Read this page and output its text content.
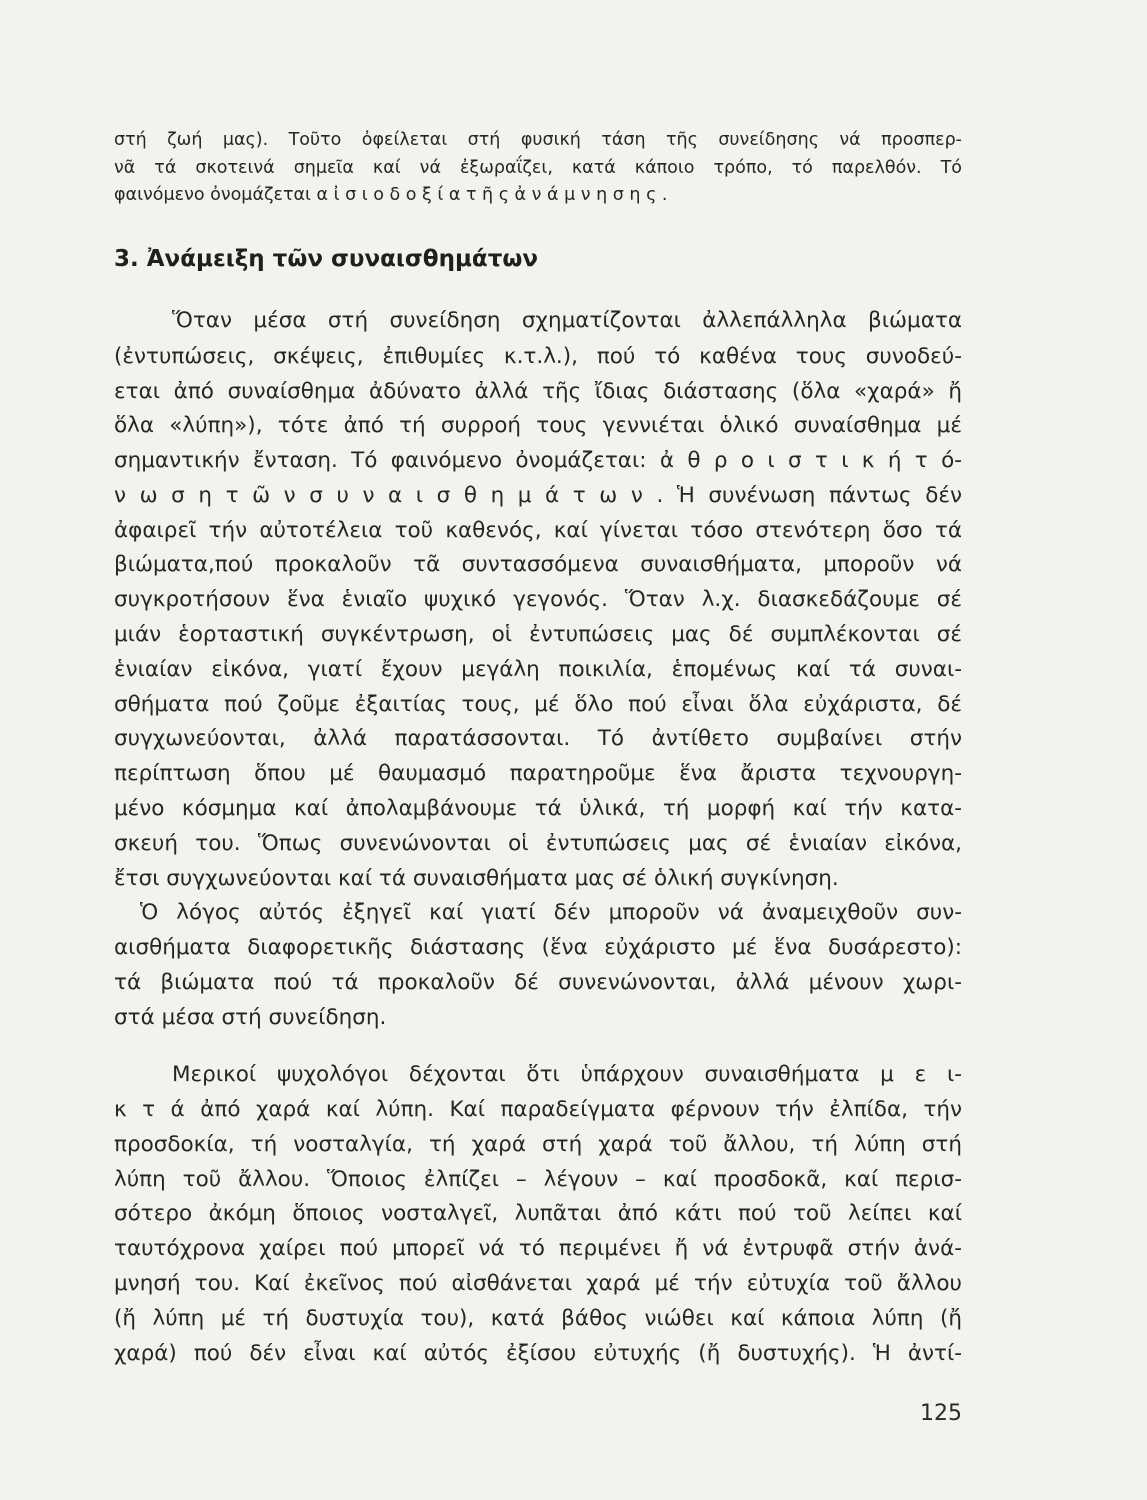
στή ζωή μας). Τοῦτο ὀφείλεται στή φυσική τάση τῆς συνείδησης νά προσπερ-
νᾶ τά σκοτεινά σημεῖα καί νά ἐξωραΐζει, κατά κάποιο τρόπο, τό παρελθόν. Τό
φαινόμενο ὀνομάζεται α ἰ σ ι ο δ ο ξ ί α τ ῆ ς ἀ ν ά μ ν η σ η ς .
3. Ἀνάμειξη τῶν συναισθημάτων
Ὅταν μέσα στή συνείδηση σχηματίζονται ἀλλεπάλληλα βιώματα
(ἐντυπώσεις, σκέψεις, ἐπιθυμίες κ.τ.λ.), πού τό καθένα τους συνοδεύ-
εται ἀπό συναίσθημα ἀδύνατο ἀλλά τῆς ἴδιας διάστασης (ὅλα «χαρά» ἤ
ὅλα «λύπη»), τότε ἀπό τή συρροή τους γεννιέται ὁλικό συναίσθημα μέ
σημαντικήν ἔνταση. Τό φαινόμενο ὀνομάζεται: ἀ θ ρ ο ι σ τ ι κ ή τ ό-
ν ω σ η τ ῶ ν σ υ ν α ι σ θ η μ ά τ ω ν . Ἡ συνένωση πάντως δέν
ἀφαιρεῖ τήν αὐτοτέλεια τοῦ καθενός, καί γίνεται τόσο στενότερη ὅσο τά
βιώματα,πού προκαλοῦν τᾶ συντασσόμενα συναισθήματα, μποροῦν νά
συγκροτήσουν ἕνα ἑνιαῖο ψυχικό γεγονός. Ὅταν λ.χ. διασκεδάζουμε σέ
μιάν ἑορταστική συγκέντρωση, οἱ ἐντυπώσεις μας δέ συμπλέκονται σέ
ἑνιαίαν εἰκόνα, γιατί ἔχουν μεγάλη ποικιλία, ἑπομένως καί τά συναι-
σθήματα πού ζοῦμε ἐξαιτίας τους, μέ ὅλο πού εἶναι ὅλα εὐχάριστα, δέ
συγχωνεύονται, ἀλλά παρατάσσονται. Τό ἀντίθετο συμβαίνει στήν
περίπτωση ὅπου μέ θαυμασμό παρατηροῦμε ἕνα ἄριστα τεχνουργη-
μένο κόσμημα καί ἀπολαμβάνουμε τά ὑλικά, τή μορφή καί τήν κατα-
σκευή του. Ὅπως συνενώνονται οἱ ἐντυπώσεις μας σέ ἑνιαίαν εἰκόνα,
ἔτσι συγχωνεύονται καί τά συναισθήματα μας σέ ὁλική συγκίνηση.
Ὁ λόγος αὐτός ἐξηγεῖ καί γιατί δέν μποροῦν νά ἀναμειχθοῦν συν-
αισθήματα διαφορετικῆς διάστασης (ἕνα εὐχάριστο μέ ἕνα δυσάρεστο):
τά βιώματα πού τά προκαλοῦν δέ συνενώνονται, ἀλλά μένουν χωρι-
στά μέσα στή συνείδηση.
Μερικοί ψυχολόγοι δέχονται ὅτι ὑπάρχουν συναισθήματα μ ε ι-
κ τ ά ἀπό χαρά καί λύπη. Καί παραδείγματα φέρνουν τήν ἐλπίδα, τήν
προσδοκία, τή νοσταλγία, τή χαρά στή χαρά τοῦ ἄλλου, τή λύπη στή
λύπη τοῦ ἄλλου. Ὅποιος ἐλπίζει – λέγουν – καί προσδοκᾶ, καί περισ-
σότερο ἀκόμη ὅποιος νοσταλγεῖ, λυπᾶται ἀπό κάτι πού τοῦ λείπει καί
ταυτόχρονα χαίρει πού μπορεῖ νά τό περιμένει ἤ νά ἐντρυφᾶ στήν ἀνά-
μνησή του. Καί ἐκεῖνος πού αἰσθάνεται χαρά μέ τήν εὐτυχία τοῦ ἄλλου
(ἤ λύπη μέ τή δυστυχία του), κατά βάθος νιώθει καί κάποια λύπη (ἤ
χαρά) πού δέν εἶναι καί αὐτός ἐξίσου εὐτυχής (ἤ δυστυχής). Ἡ ἀντί-
125
